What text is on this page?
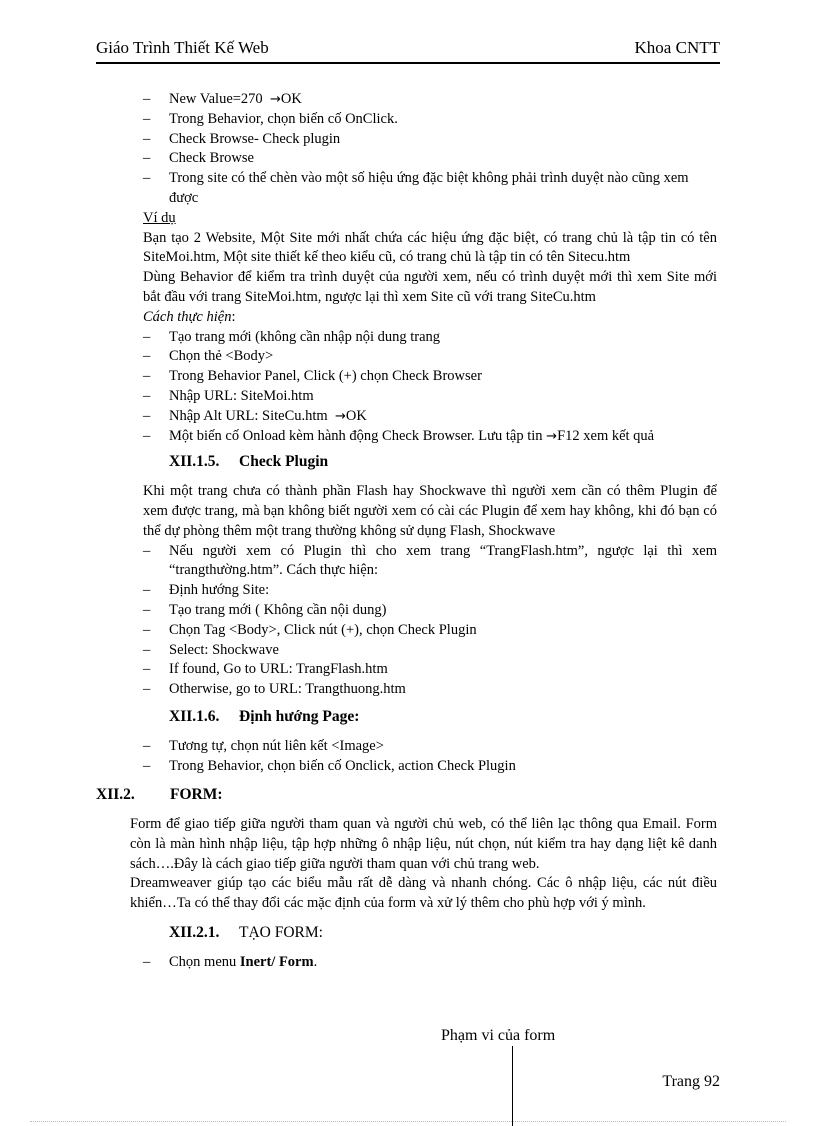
Giáo Trình Thiết Kế Web	Khoa CNTT
– New Value=270 →OK
– Trong Behavior, chọn biến cố OnClick.
– Check Browse- Check plugin
– Check Browse
– Trong site có thể chèn vào một số hiệu ứng đặc biệt không phải trình duyệt nào cũng xem được
Ví dụ
Bạn tạo 2 Website, Một Site mới nhất chứa các hiệu ứng đặc biệt, có trang chủ là tập tin có tên SiteMoi.htm, Một site thiết kế theo kiểu cũ, có trang chủ là tập tin có tên Sitecu.htm
Dùng Behavior để kiểm tra trình duyệt của người xem, nếu có trình duyệt mới thì xem Site mới bắt đầu với trang SiteMoi.htm, ngược lại thì xem Site cũ với trang SiteCu.htm
Cách thực hiện:
– Tạo trang mới (không cần nhập nội dung trang
– Chọn thẻ <Body>
– Trong Behavior Panel, Click (+) chọn Check Browser
– Nhập URL: SiteMoi.htm
– Nhập Alt URL: SiteCu.htm →OK
– Một biến cố Onload kèm hành động Check Browser. Lưu tập tin →F12 xem kết quả
XII.1.5. Check Plugin
Khi một trang chưa có thành phần Flash hay Shockwave thì người xem cần có thêm Plugin để xem được trang, mà bạn không biết người xem có cài các Plugin để xem hay không, khi đó bạn có thể dự phòng thêm một trang thường không sử dụng Flash, Shockwave
– Nếu người xem có Plugin thì cho xem trang “TrangFlash.htm”, ngược lại thì xem “trangthường.htm”. Cách thực hiện:
– Định hướng Site:
– Tạo trang mới ( Không cần nội dung)
– Chọn Tag <Body>, Click nút (+), chọn Check Plugin
– Select: Shockwave
– If found, Go to URL: TrangFlash.htm
– Otherwise, go to URL: Trangthuong.htm
XII.1.6. Định hướng Page:
– Tương tự, chọn nút liên kết <Image>
– Trong Behavior, chọn biến cố Onclick, action Check Plugin
XII.2. FORM:
Form để giao tiếp giữa người tham quan và người chủ web, có thể liên lạc thông qua Email. Form còn là màn hình nhập liệu, tập hợp những ô nhập liệu, nút chọn, nút kiểm tra hay dạng liệt kê danh sách….Đây là cách giao tiếp giữa người tham quan với chủ trang web.
Dreamweaver giúp tạo các biểu mẫu rất dễ dàng và nhanh chóng. Các ô nhập liệu, các nút điều khiển…Ta có thể thay đổi các mặc định của form và xử lý thêm cho phù hợp với ý mình.
XII.2.1. TẠO FORM:
– Chọn menu Inert/ Form.
Phạm vi của form
Trang 92
